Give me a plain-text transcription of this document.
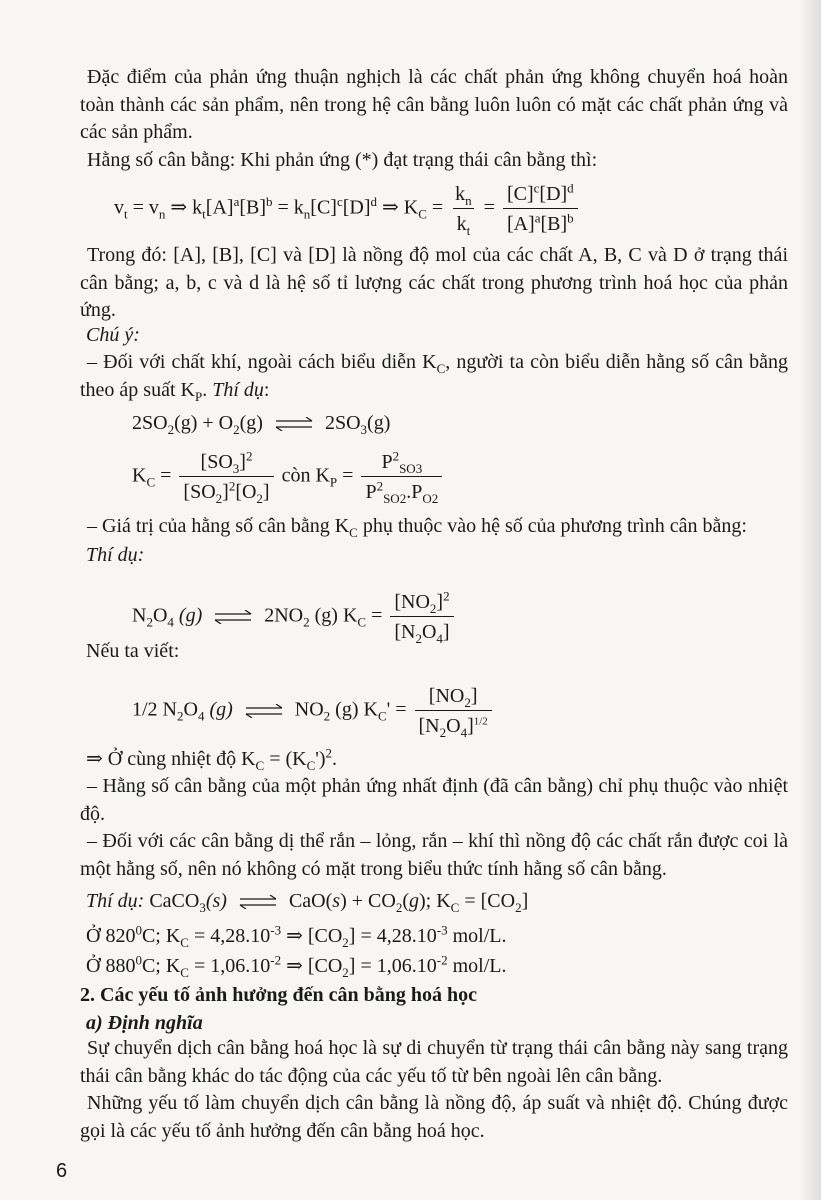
Đặc điểm của phản ứng thuận nghịch là các chất phản ứng không chuyển hoá hoàn toàn thành các sản phẩm, nên trong hệ cân bằng luôn luôn có mặt các chất phản ứng và các sản phẩm.
Hằng số cân bằng: Khi phản ứng (*) đạt trạng thái cân bằng thì:
$v_t = v_n$ ⇒ $k_t[A]^a[B]^b = k_n[C]^c[D]^d$ ⇒ $K_C = \frac{k_n}{k_t} = \frac{[C]^c[D]^d}{[A]^a[B]^b}$
Trong đó: [A], [B], [C] và [D] là nồng độ mol của các chất A, B, C và D ở trạng thái cân bằng; a, b, c và d là hệ số tỉ lượng các chất trong phương trình hoá học của phản ứng.
Chú ý:
– Đối với chất khí, ngoài cách biểu diễn $K_C$, người ta còn biểu diễn hằng số cân bằng theo áp suất $K_P$. Thí dụ:
$2SO_2(g) + O_2(g)$ ⇌ $2SO_3(g)$
$K_C = \frac{[SO_3]^2}{[SO_2]^2[O_2]}$ còn $K_P = \frac{P^2_{SO3}}{P^2_{SO2}.P_{O2}}$
– Giá trị của hằng số cân bằng $K_C$ phụ thuộc vào hệ số của phương trình cân bằng:
Thí dụ:
$N_2O_4$ (g) ⇌ $2NO_2$ (g) $K_C = \frac{[NO_2]^2}{[N_2O_4]}$
Nếu ta viết:
1/2 $N_2O_4$ (g) ⇌ $NO_2$ (g) $K_C' = \frac{[NO_2]}{[N_2O_4]^{1/2}}$
⇒ Ở cùng nhiệt độ $K_C = (K_C')^2$.
– Hằng số cân bằng của một phản ứng nhất định (đã cân bằng) chỉ phụ thuộc vào nhiệt độ.
– Đối với các cân bằng dị thể rắn – lỏng, rắn – khí thì nồng độ các chất rắn được coi là một hằng số, nên nó không có mặt trong biểu thức tính hằng số cân bằng.
Thí dụ: CaCO$_3$(s) ⇌ $CaO(s) + CO_2(g)$; $K_C = [CO_2]$
Ở $820^0C$; $K_C = 4,28.10^{-3}$ ⇒ $[CO_2] = 4,28.10^{-3}$ mol/L.
Ở $880^0C$; $K_C = 1,06.10^{-2}$ ⇒ $[CO_2] = 1,06.10^{-2}$ mol/L.
2. Các yếu tố ảnh hưởng đến cân bằng hoá học
a) Định nghĩa
Sự chuyển dịch cân bằng hoá học là sự di chuyển từ trạng thái cân bằng này sang trạng thái cân bằng khác do tác động của các yếu tố từ bên ngoài lên cân bằng.
Những yếu tố làm chuyển dịch cân bằng là nồng độ, áp suất và nhiệt độ. Chúng được gọi là các yếu tố ảnh hưởng đến cân bằng hoá học.
6
